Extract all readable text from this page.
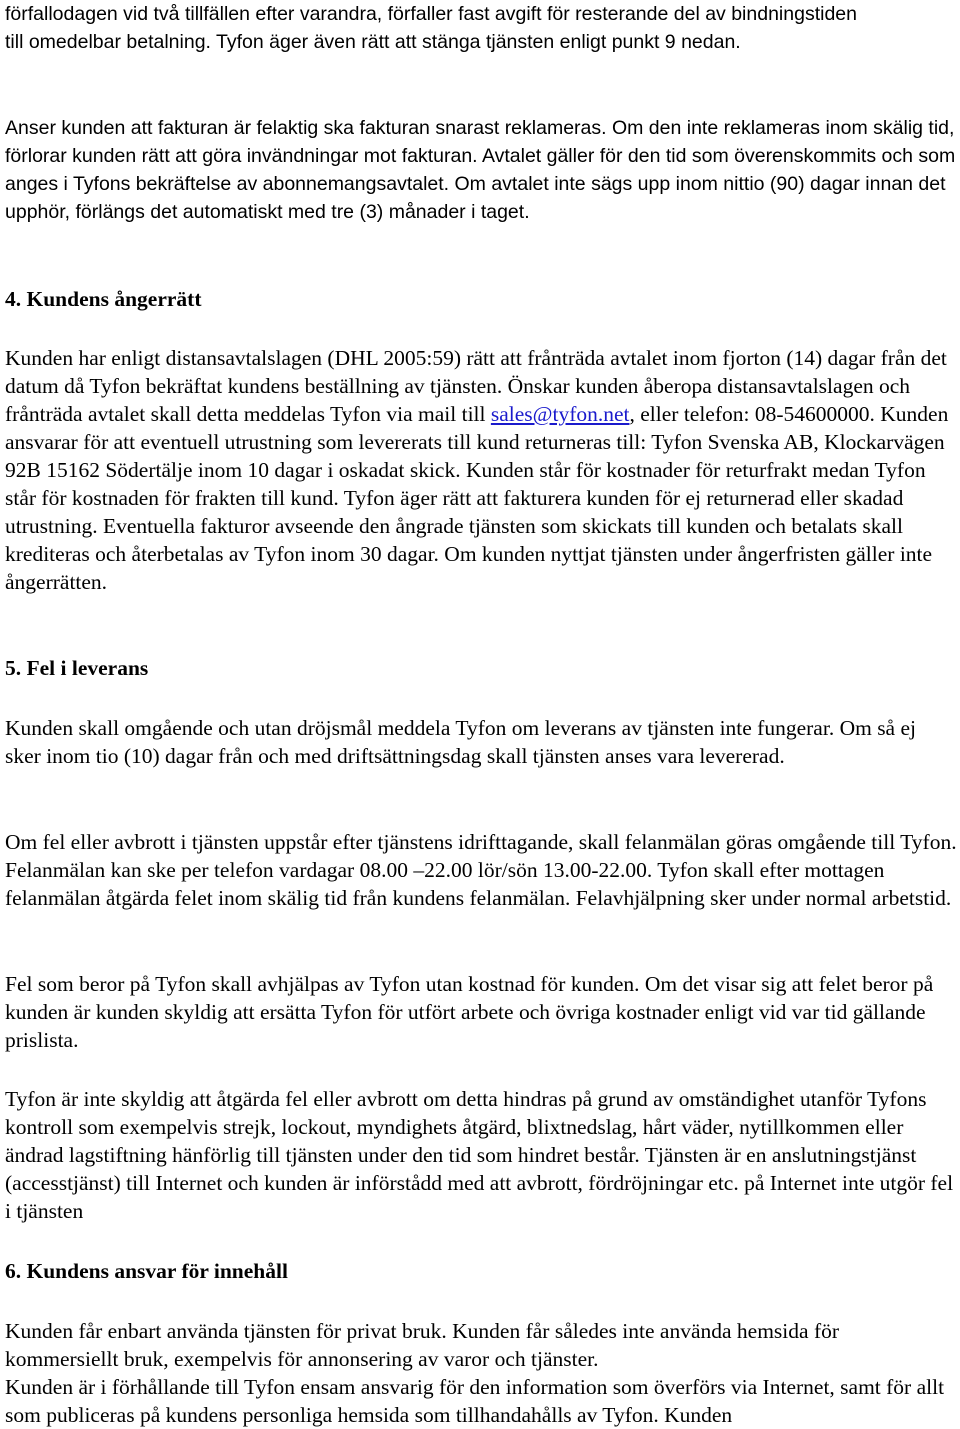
förfallodagen vid två tillfällen efter varandra, förfaller fast avgift för resterande del av bindningstiden till omedelbar betalning. Tyfon äger även rätt att stänga tjänsten enligt punkt 9 nedan.

Anser kunden att fakturan är felaktig ska fakturan snarast reklameras. Om den inte reklameras inom skälig tid, förlorar kunden rätt att göra invändningar mot fakturan. Avtalet gäller för den tid som överenskommits och som anges i Tyfons bekräftelse av abonnemangsavtalet. Om avtalet inte sägs upp inom nittio (90) dagar innan det upphör, förlängs det automatiskt med tre (3) månader i taget.

4. Kundens ångerrätt

Kunden har enligt distansavtalslagen (DHL 2005:59) rätt att frånträda avtalet inom fjorton (14) dagar från det datum då Tyfon bekräftat kundens beställning av tjänsten. Önskar kunden åberopa distansavtalslagen och frånträda avtalet skall detta meddelas Tyfon via mail till sales@tyfon.net, eller telefon: 08-54600000. Kunden ansvarar för att eventuell utrustning som levererats till kund returneras till: Tyfon Svenska AB, Klockarvägen 92B 15162 Södertälje inom 10 dagar i oskadat skick. Kunden står för kostnader för returfrakt medan Tyfon står för kostnaden för frakten till kund. Tyfon äger rätt att fakturera kunden för ej returnerad eller skadad utrustning. Eventuella fakturor avseende den ångrade tjänsten som skickats till kunden och betalats skall krediteras och återbetalas av Tyfon inom 30 dagar. Om kunden nyttjat tjänsten under ångerfristen gäller inte ångerrätten.

5. Fel i leverans

Kunden skall omgående och utan dröjsmål meddela Tyfon om leverans av tjänsten inte fungerar. Om så ej sker inom tio (10) dagar från och med driftsättningsdag skall tjänsten anses vara levererad.

Om fel eller avbrott i tjänsten uppstår efter tjänstens idrifttagande, skall felanmälan göras omgående till Tyfon. Felanmälan kan ske per telefon vardagar 08.00 –22.00 lör/sön 13.00-22.00. Tyfon skall efter mottagen felanmälan åtgärda felet inom skälig tid från kundens felanmälan. Felavhjälpning sker under normal arbetstid.

Fel som beror på Tyfon skall avhjälpas av Tyfon utan kostnad för kunden. Om det visar sig att felet beror på kunden är kunden skyldig att ersätta Tyfon för utfört arbete och övriga kostnader enligt vid var tid gällande prislista.

Tyfon är inte skyldig att åtgärda fel eller avbrott om detta hindras på grund av omständighet utanför Tyfons kontroll som exempelvis strejk, lockout, myndighets åtgärd, blixtnedslag, hårt väder, nytillkommen eller ändrad lagstiftning hänförlig till tjänsten under den tid som hindret består. Tjänsten är en anslutningstjänst (accesstjänst) till Internet och kunden är införstådd med att avbrott, fördröjningar etc. på Internet inte utgör fel i tjänsten

6. Kundens ansvar för innehåll

Kunden får enbart använda tjänsten för privat bruk. Kunden får således inte använda hemsida för kommersiellt bruk, exempelvis för annonsering av varor och tjänster.

Kunden är i förhållande till Tyfon ensam ansvarig för den information som överförs via Internet, samt för allt som publiceras på kundens personliga hemsida som tillhandahålls av Tyfon. Kunden
